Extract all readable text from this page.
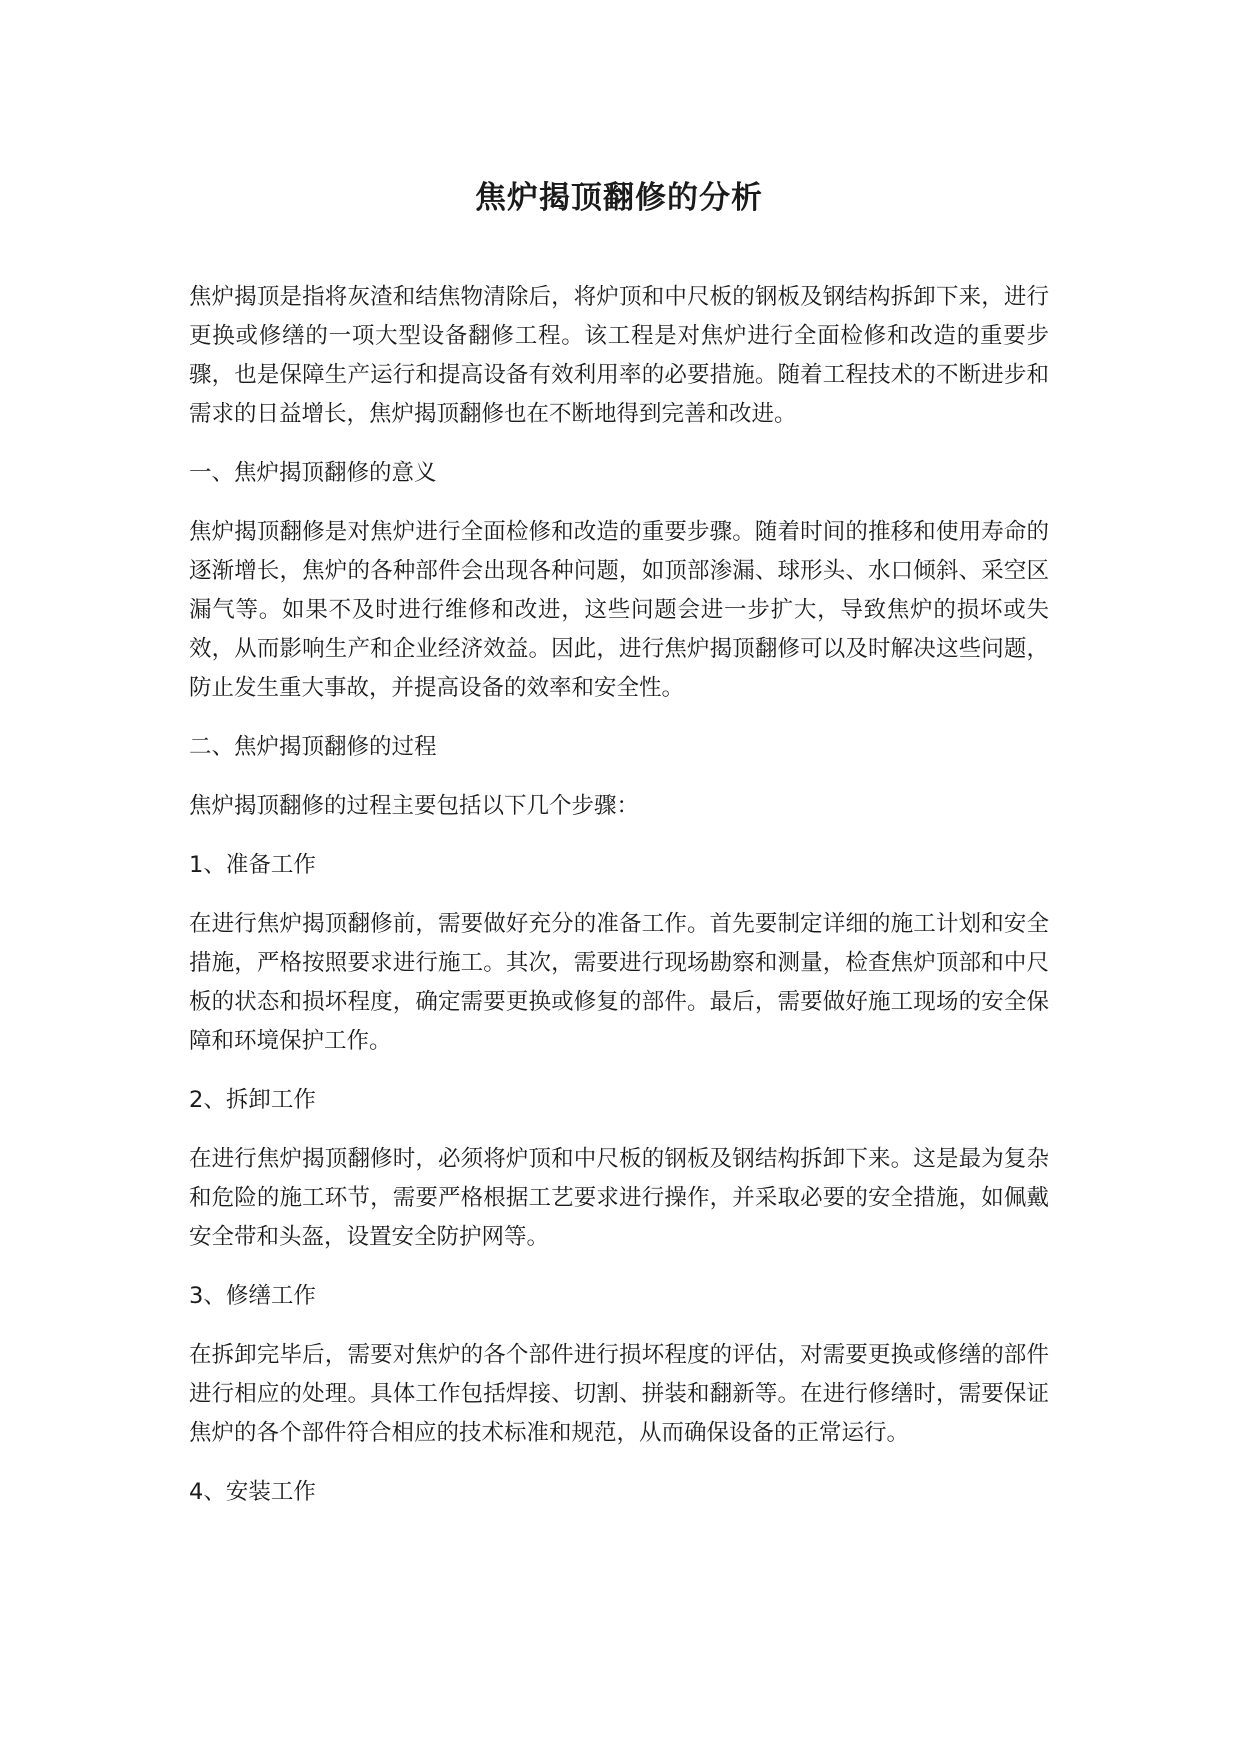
焦炉揭顶翻修的分析

焦炉揭顶是指将灰渣和结焦物清除后，将炉顶和中尺板的钢板及钢结构拆卸下来，进行更换或修缮的一项大型设备翻修工程。该工程是对焦炉进行全面检修和改造的重要步骤，也是保障生产运行和提高设备有效利用率的必要措施。随着工程技术的不断进步和需求的日益增长，焦炉揭顶翻修也在不断地得到完善和改进。

一、焦炉揭顶翻修的意义

焦炉揭顶翻修是对焦炉进行全面检修和改造的重要步骤。随着时间的推移和使用寿命的逐渐增长，焦炉的各种部件会出现各种问题，如顶部渗漏、球形头、水口倾斜、采空区漏气等。如果不及时进行维修和改进，这些问题会进一步扩大，导致焦炉的损坏或失效，从而影响生产和企业经济效益。因此，进行焦炉揭顶翻修可以及时解决这些问题，防止发生重大事故，并提高设备的效率和安全性。

二、焦炉揭顶翻修的过程

焦炉揭顶翻修的过程主要包括以下几个步骤：

1、准备工作

在进行焦炉揭顶翻修前，需要做好充分的准备工作。首先要制定详细的施工计划和安全措施，严格按照要求进行施工。其次，需要进行现场勘察和测量，检查焦炉顶部和中尺板的状态和损坏程度，确定需要更换或修复的部件。最后，需要做好施工现场的安全保障和环境保护工作。

2、拆卸工作

在进行焦炉揭顶翻修时，必须将炉顶和中尺板的钢板及钢结构拆卸下来。这是最为复杂和危险的施工环节，需要严格根据工艺要求进行操作，并采取必要的安全措施，如佩戴安全带和头盔，设置安全防护网等。

3、修缮工作

在拆卸完毕后，需要对焦炉的各个部件进行损坏程度的评估，对需要更换或修缮的部件进行相应的处理。具体工作包括焊接、切割、拼装和翻新等。在进行修缮时，需要保证焦炉的各个部件符合相应的技术标准和规范，从而确保设备的正常运行。

4、安装工作
